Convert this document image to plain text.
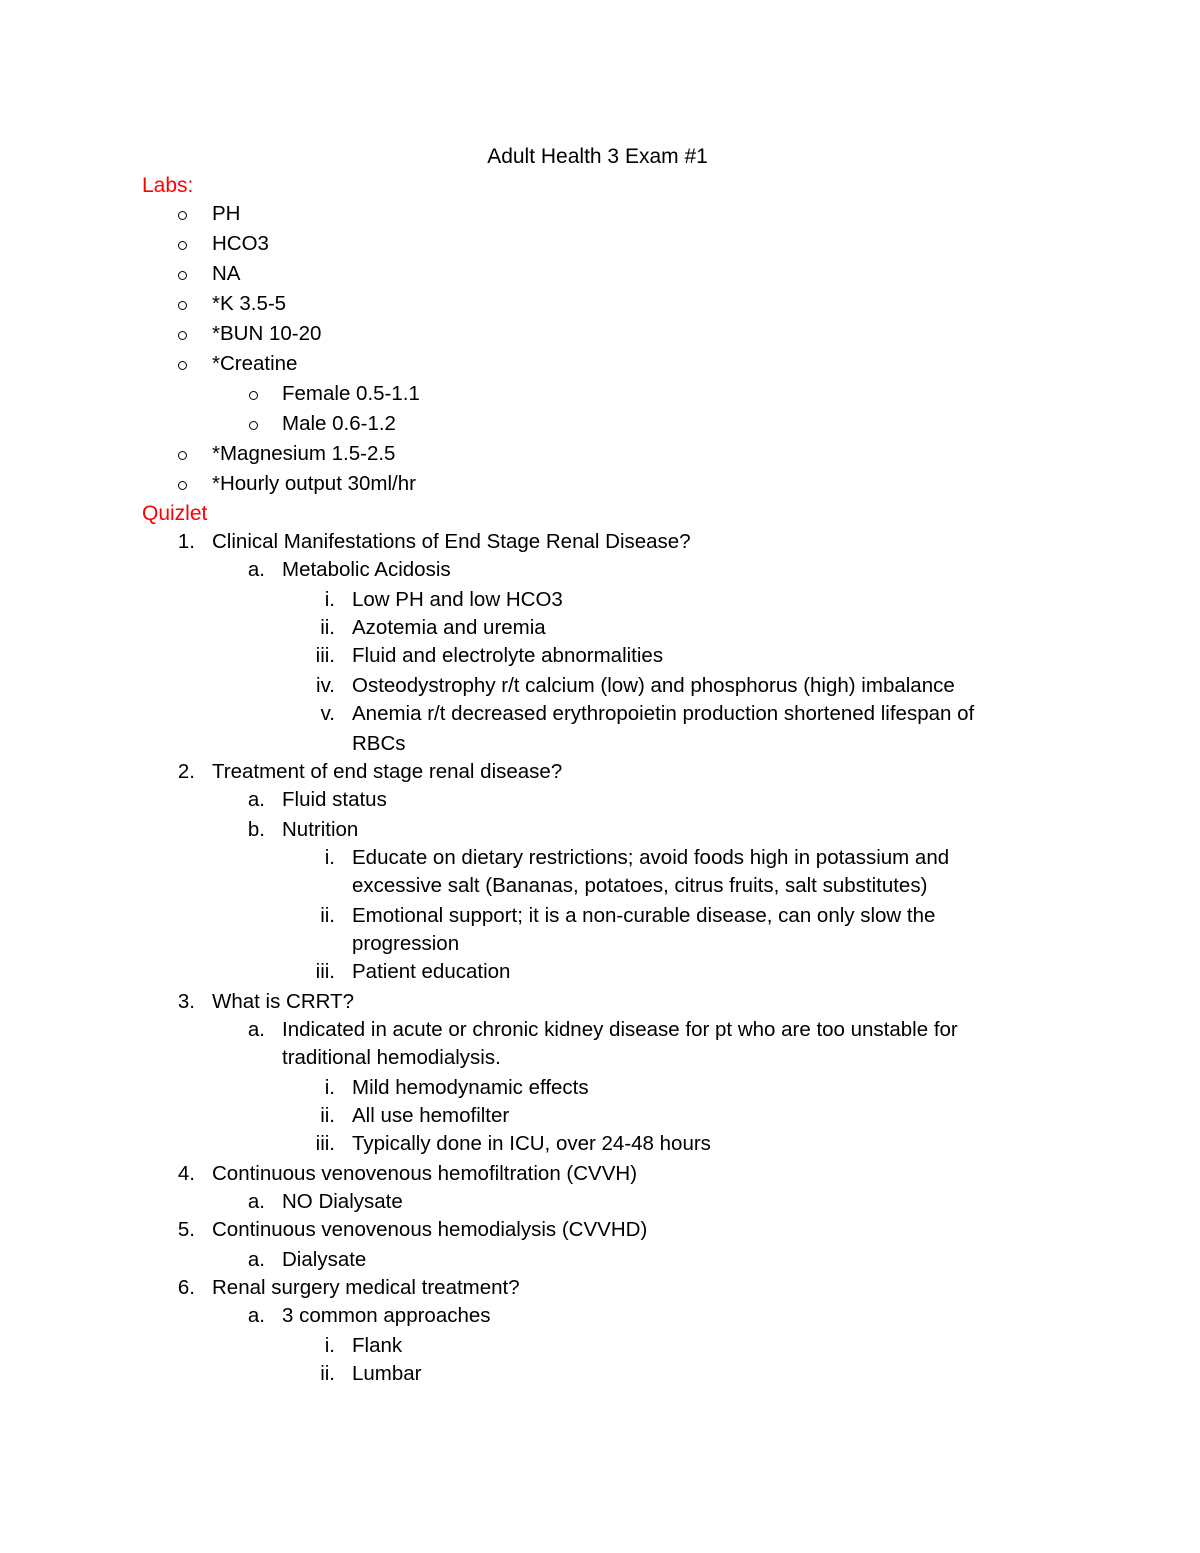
Adult Health 3 Exam #1
Labs:
PH
HCO3
NA
*K 3.5-5
*BUN 10-20
*Creatine
Female 0.5-1.1
Male 0.6-1.2
*Magnesium 1.5-2.5
*Hourly output 30ml/hr
Quizlet
1. Clinical Manifestations of End Stage Renal Disease?
a. Metabolic Acidosis
i. Low PH and low HCO3
ii. Azotemia and uremia
iii. Fluid and electrolyte abnormalities
iv. Osteodystrophy r/t calcium (low) and phosphorus (high) imbalance
v. Anemia r/t decreased erythropoietin production shortened lifespan of
RBCs
2. Treatment of end stage renal disease?
a. Fluid status
b. Nutrition
i. Educate on dietary restrictions; avoid foods high in potassium and
excessive salt (Bananas, potatoes, citrus fruits, salt substitutes)
ii. Emotional support; it is a non-curable disease, can only slow the
progression
iii. Patient education
3. What is CRRT?
a. Indicated in acute or chronic kidney disease for pt who are too unstable for
traditional hemodialysis.
i. Mild hemodynamic effects
ii. All use hemofilter
iii. Typically done in ICU, over 24-48 hours
4. Continuous venovenous hemofiltration (CVVH)
a. NO Dialysate
5. Continuous venovenous hemodialysis (CVVHD)
a. Dialysate
6. Renal surgery medical treatment?
a. 3 common approaches
i. Flank
ii. Lumbar
